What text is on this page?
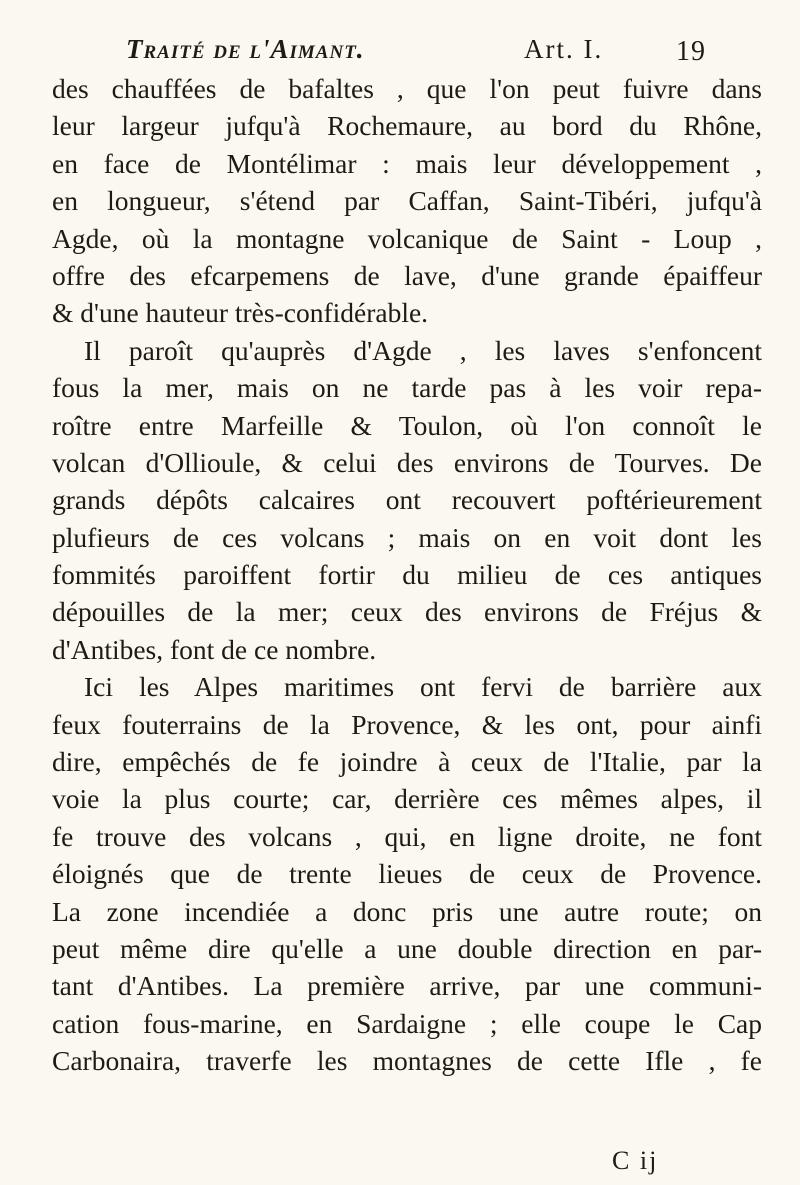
Traité de l'Aimant.	Art. I.	19
des chauffées de bafaltes , que l'on peut fuivre dans
leur largeur jufqu'à Rochemaure, au bord du Rhône,
en face de Montélimar : mais leur développement ,
en longueur, s'étend par Caffan, Saint-Tibéri, jufqu'à
Agde, où la montagne volcanique de Saint - Loup ,
offre des efcarpemens de lave, d'une grande épaiffeur
& d'une hauteur très-confidérable.
Il paroît qu'auprès d'Agde , les laves s'enfoncent
fous la mer, mais on ne tarde pas à les voir repa-
roître entre Marfeille & Toulon, où l'on connoît le
volcan d'Ollioule, & celui des environs de Tourves. De
grands dépôts calcaires ont recouvert poftérieurement
plufieurs de ces volcans ; mais on en voit dont les
fommités paroiffent fortir du milieu de ces antiques
dépouilles de la mer; ceux des environs de Fréjus &
d'Antibes, font de ce nombre.
Ici les Alpes maritimes ont fervi de barrière aux
feux fouterrains de la Provence, & les ont, pour ainfi
dire, empêchés de fe joindre à ceux de l'Italie, par la
voie la plus courte; car, derrière ces mêmes alpes, il
fe trouve des volcans , qui, en ligne droite, ne font
éloignés que de trente lieues de ceux de Provence.
La zone incendiée a donc pris une autre route; on
peut même dire qu'elle a une double direction en par-
tant d'Antibes. La première arrive, par une communi-
cation fous-marine, en Sardaigne ; elle coupe le Cap
Carbonaira, traverfe les montagnes de cette Ifle , fe
C ij
